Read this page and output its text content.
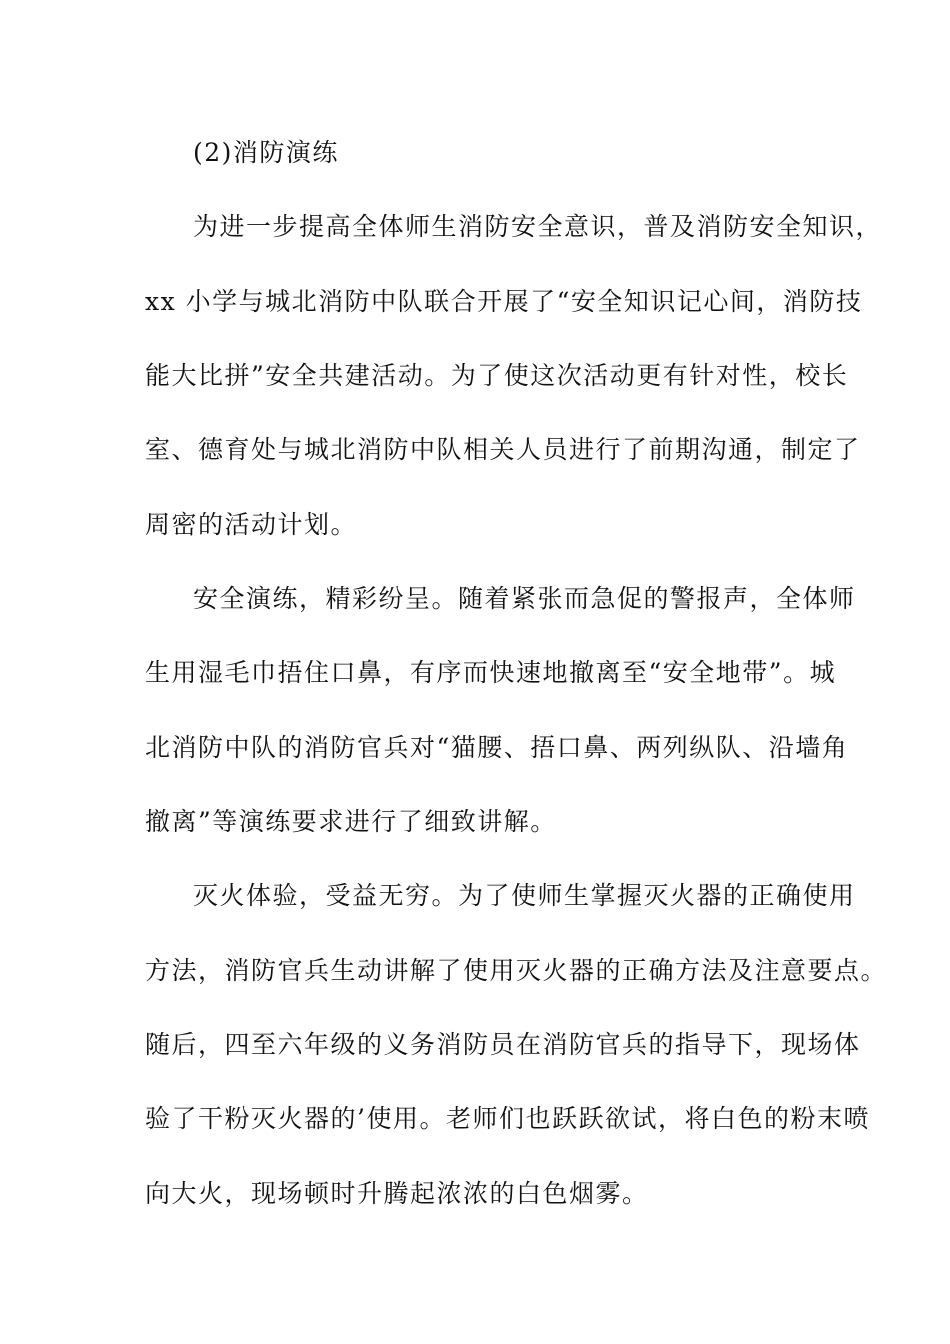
(2)消防演练
为进一步提高全体师生消防安全意识，普及消防安全知识，
xx 小学与城北消防中队联合开展了“安全知识记心间，消防技
能大比拼”安全共建活动。为了使这次活动更有针对性，校长
室、德育处与城北消防中队相关人员进行了前期沟通，制定了
周密的活动计划。
安全演练，精彩纷呈。随着紧张而急促的警报声，全体师
生用湿毛巾捂住口鼻，有序而快速地撤离至“安全地带”。城
北消防中队的消防官兵对“猫腰、捂口鼻、两列纵队、沿墙角
撤离”等演练要求进行了细致讲解。
灭火体验，受益无穷。为了使师生掌握灭火器的正确使用
方法，消防官兵生动讲解了使用灭火器的正确方法及注意要点。
随后，四至六年级的义务消防员在消防官兵的指导下，现场体
验了干粉灭火器的’使用。老师们也跃跃欲试，将白色的粉末喷
向大火，现场顿时升腾起浓浓的白色烟雾。
